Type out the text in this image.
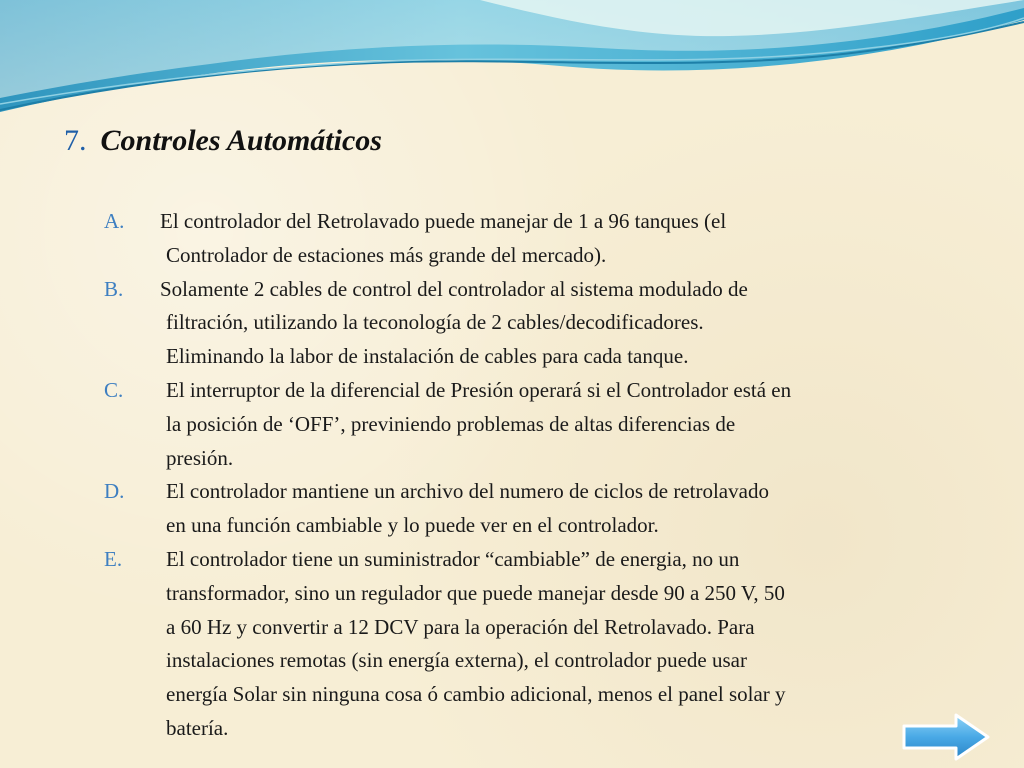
7. Controles Automáticos
A. El controlador del Retrolavado puede manejar de 1 a 96 tanques (el
Controlador de estaciones más grande del mercado).
B. Solamente 2 cables de control del controlador al sistema modulado de
filtración, utilizando la teconología de 2 cables/decodificadores.
Eliminando la labor de instalación de cables para cada tanque.
C. El interruptor de la diferencial de Presión operará si el Controlador está en
la posición de ‘OFF’, previniendo problemas de altas diferencias de
presión.
D. El controlador mantiene un archivo del numero de ciclos de retrolavado
en una función cambiable y lo puede ver en el controlador.
E. El controlador tiene un suministrador “cambiable” de energia, no un
transformador, sino un regulador que puede manejar desde 90 a 250 V, 50
a 60 Hz y convertir a 12 DCV para la operación del Retrolavado. Para
instalaciones remotas (sin energía externa), el controlador puede usar
energía Solar sin ninguna cosa ó cambio adicional, menos el panel solar y
batería.
